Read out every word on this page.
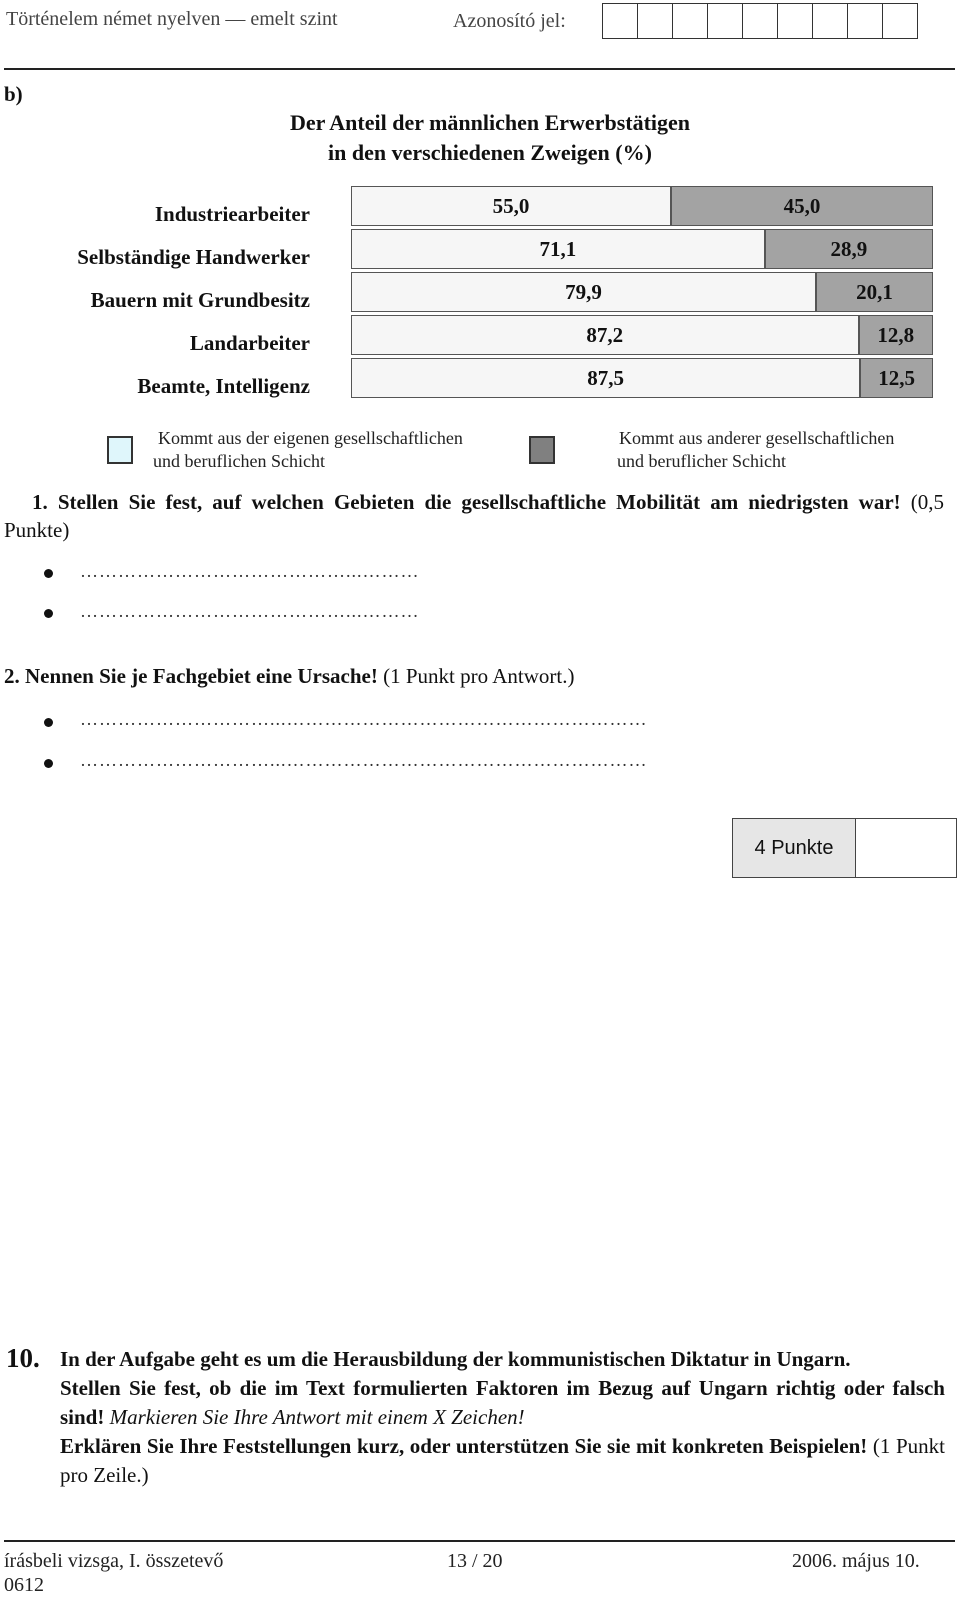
Történelem német nyelven — emelt szint	Azonosító jel:
b)
Der Anteil der männlichen Erwerbstätigen
in den verschiedenen Zweigen (%)
Industriearbeiter	55,0	45,0
Selbständige Handwerker	71,1	28,9
Bauern mit Grundbesitz	79,9	20,1
Landarbeiter	87,2	12,8
Beamte, Intelligenz	87,5	12,5
Kommt aus der eigenen gesellschaftlichen
und beruflichen Schicht
Kommt aus anderer gesellschaftlichen
und beruflicher Schicht
1. Stellen Sie fest, auf welchen Gebieten die gesellschaftliche Mobilität am niedrigsten war! (0,5 Punkte)
……………………………………...………
……………………………………...………
2. Nennen Sie je Fachgebiet eine Ursache! (1 Punkt pro Antwort.)
…………………………...…………………………………………………
…………………………...…………………………………………………
4 Punkte
10. In der Aufgabe geht es um die Herausbildung der kommunistischen Diktatur in Ungarn.
Stellen Sie fest, ob die im Text formulierten Faktoren im Bezug auf Ungarn richtig oder falsch sind! Markieren Sie Ihre Antwort mit einem X Zeichen!
Erklären Sie Ihre Feststellungen kurz, oder unterstützen Sie sie mit konkreten Beispielen! (1 Punkt pro Zeile.)
írásbeli vizsga, I. összetevő
0612
13 / 20	2006. május 10.
